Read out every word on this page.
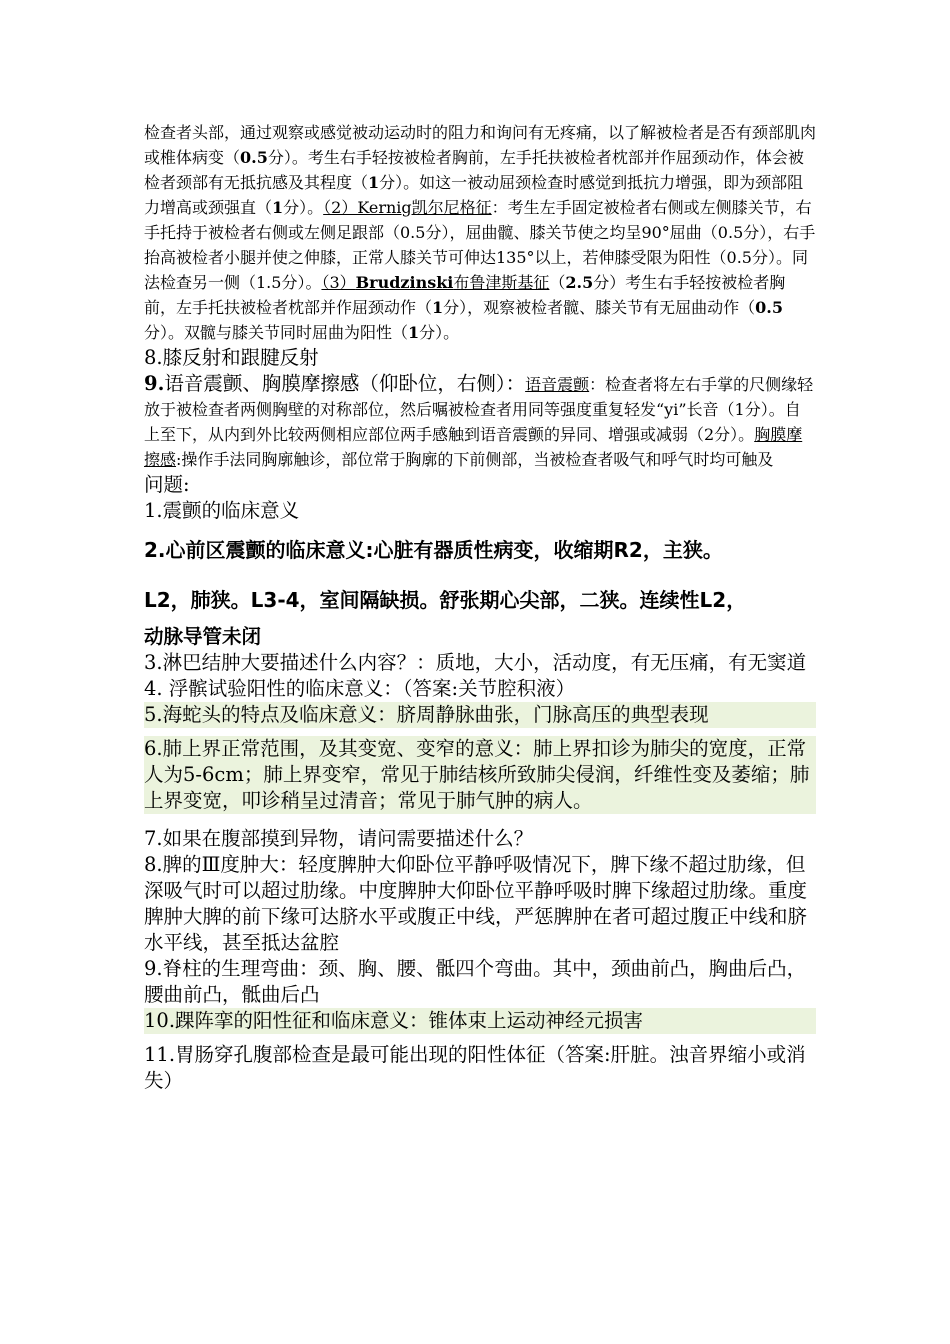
检查者头部，通过观察或感觉被动运动时的阻力和询问有无疼痛，以了解被检者是否有颈部肌肉或椎体病变（0.5分）。考生右手轻按被检者胸前，左手托扶被检者枕部并作屈颈动作，体会被检者颈部有无抵抗感及其程度（1分）。如这一被动屈颈检查时感觉到抵抗力增强，即为颈部阻力增高或颈强直（1分）。（2）Kernig凯尔尼格征：考生左手固定被检者右侧或左侧膝关节，右手托持于被检者右侧或左侧足跟部（0.5分），屈曲髋、膝关节使之均呈90°屈曲（0.5分），右手抬高被检者小腿并使之伸膝，正常人膝关节可伸达135°以上，若伸膝受限为阳性（0.5分）。同法检查另一侧（1.5分）。（3）Brudzinski布鲁津斯基征（2.5分）考生右手轻按被检者胸前，左手托扶被检者枕部并作屈颈动作（1分），观察被检者髋、膝关节有无屈曲动作（0.5分）。双髋与膝关节同时屈曲为阳性（1分）。

8.膝反射和跟腱反射

9.语音震颤、胸膜摩擦感（仰卧位，右侧）：语音震颤：检查者将左右手掌的尺侧缘轻放于被检查者两侧胸壁的对称部位，然后嘱被检查者用同等强度重复轻发“yi”长音（1分）。自上至下，从内到外比较两侧相应部位两手感触到语音震颤的异同、增强或减弱（2分）。胸膜摩擦感:操作手法同胸廓触诊，部位常于胸廓的下前侧部，当被检查者吸气和呼气时均可触及

问题:

1.震颤的临床意义

2.心前区震颤的临床意义:心脏有器质性病变，收缩期R2，主狭。

L2，肺狭。L3-4，室间隔缺损。舒张期心尖部，二狭。连续性L2，

动脉导管未闭

3.淋巴结肿大要描述什么内容？：质地，大小，活动度，有无压痛，有无窦道

4. 浮髌试验阳性的临床意义：（答案:关节腔积液）

5.海蛇头的特点及临床意义：脐周静脉曲张，门脉高压的典型表现

6.肺上界正常范围，及其变宽、变窄的意义：肺上界扣诊为肺尖的宽度，正常人为5-6cm；肺上界变窄，常见于肺结核所致肺尖侵润，纤维性变及萎缩；肺上界变宽，叩诊稍呈过清音；常见于肺气肿的病人。

7.如果在腹部摸到异物，请问需要描述什么？

8.脾的Ⅲ度肿大：轻度脾肿大仰卧位平静呼吸情况下，脾下缘不超过肋缘，但深吸气时可以超过肋缘。中度脾肿大仰卧位平静呼吸时脾下缘超过肋缘。重度脾肿大脾的前下缘可达脐水平或腹正中线，严惩脾肿在者可超过腹正中线和脐水平线，甚至抵达盆腔

9.脊柱的生理弯曲：颈、胸、腰、骶四个弯曲。其中，颈曲前凸，胸曲后凸，腰曲前凸，骶曲后凸

10.踝阵挛的阳性征和临床意义：锥体束上运动神经元损害

11.胃肠穿孔腹部检查是最可能出现的阳性体征（答案:肝脏。浊音界缩小或消失）
